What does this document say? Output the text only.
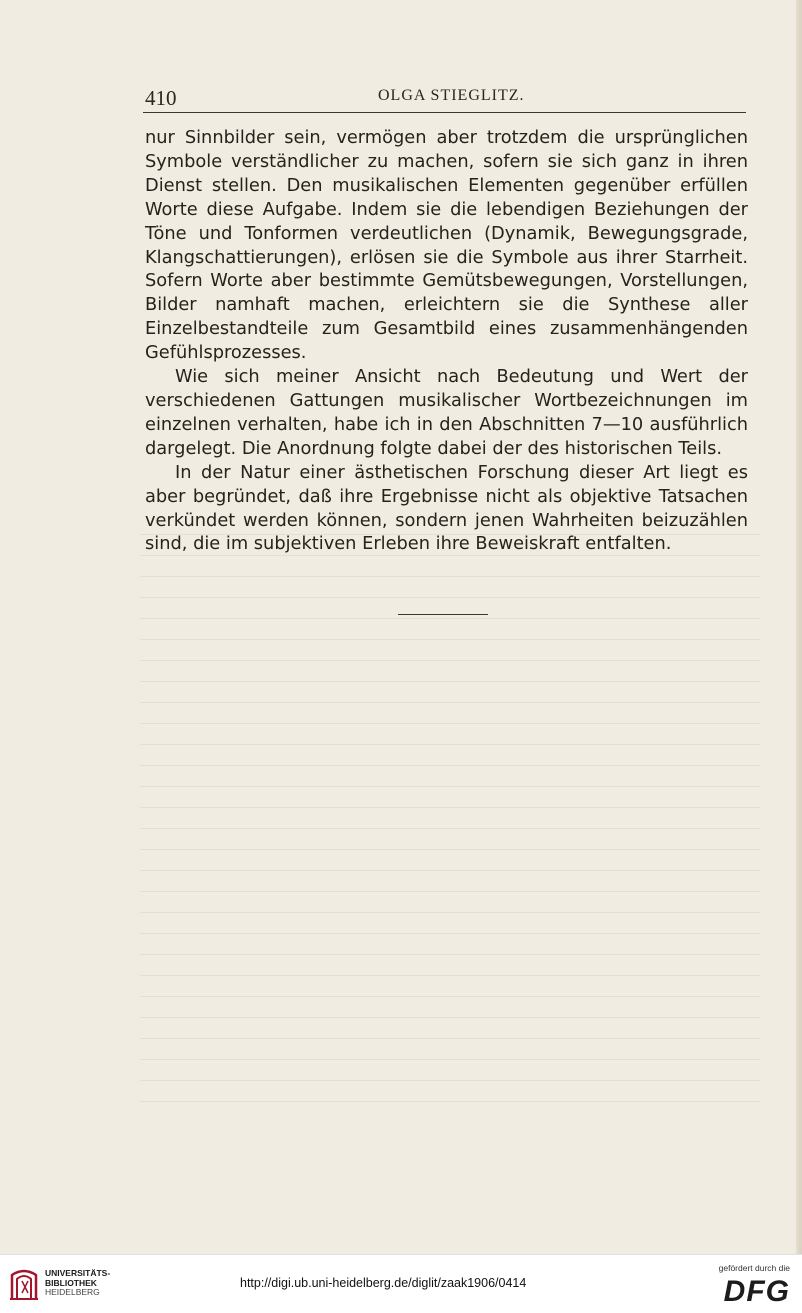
410	OLGA STIEGLITZ.

nur Sinnbilder sein, vermögen aber trotzdem die ursprünglichen Symbole verständlicher zu machen, sofern sie sich ganz in ihren Dienst stellen. Den musikalischen Elementen gegenüber erfüllen Worte diese Aufgabe. Indem sie die lebendigen Beziehungen der Töne und Tonformen verdeutlichen (Dynamik, Bewegungsgrade, Klangschattierungen), erlösen sie die Symbole aus ihrer Starrheit. Sofern Worte aber bestimmte Gemütsbewegungen, Vorstellungen, Bilder namhaft machen, erleichtern sie die Synthese aller Einzelbestandteile zum Gesamtbild eines zusammenhängenden Gefühlsprozesses.

Wie sich meiner Ansicht nach Bedeutung und Wert der verschiedenen Gattungen musikalischer Wortbezeichnungen im einzelnen verhalten, habe ich in den Abschnitten 7—10 ausführlich dargelegt. Die Anordnung folgte dabei der des historischen Teils.

In der Natur einer ästhetischen Forschung dieser Art liegt es aber begründet, daß ihre Ergebnisse nicht als objektive Tatsachen verkündet werden können, sondern jenen Wahrheiten beizuzählen sind, die im subjektiven Erleben ihre Beweiskraft entfalten.

UNIVERSITÄTS-
BIBLIOTHEK
HEIDELBERG
http://digi.ub.uni-heidelberg.de/diglit/zaak1906/0414
gefördert durch die
DFG
